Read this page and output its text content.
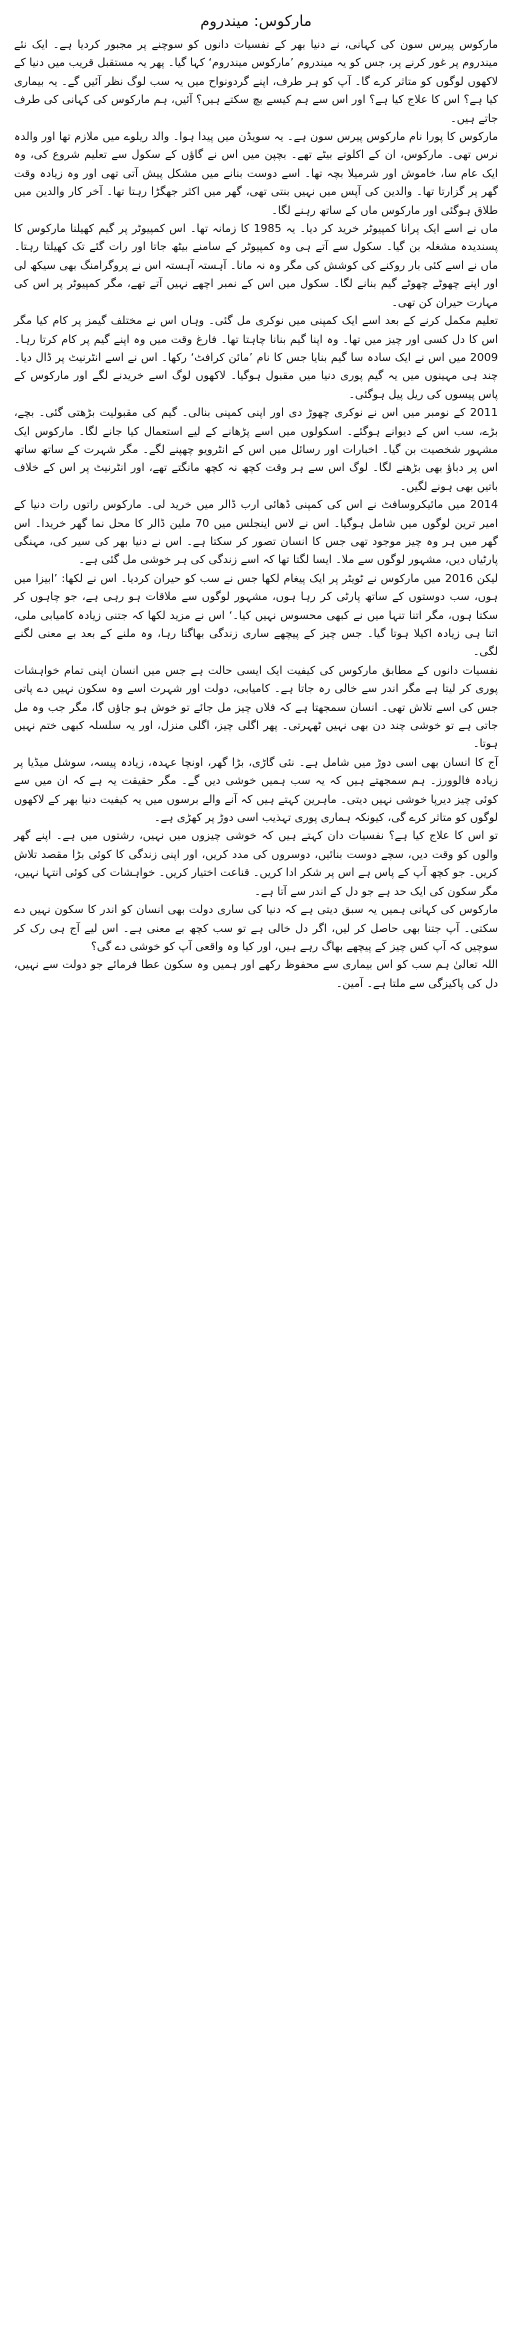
مارکوس: میندروم

مارکوس پیرس سون کی کہانی، نے دنیا بھر کے نفسیات دانوں کو سوچنے پر مجبور کردیا ہے۔ ایک نئے میندروم پر غور کرنے پر، جس کو یہ میندروم ’مارکوس میندروم‘ کہا گیا۔ پھر یہ مستقبل قریب میں دنیا کے لاکھوں لوگوں کو متاثر کرے گا۔ آپ کو ہر طرف، اپنے گردونواح میں یہ سب لوگ نظر آئیں گے۔ یہ بیماری کیا ہے؟ اس کا علاج کیا ہے؟ اور اس سے ہم کیسے بچ سکتے ہیں؟ آئیں، ہم مارکوس کی کہانی کی طرف جاتے ہیں۔

مارکوس کا پورا نام مارکوس پیرس سون ہے۔ یہ سویڈن میں پیدا ہوا۔ والد ریلوے میں ملازم تھا اور والدہ نرس تھی۔ مارکوس، ان کے اکلوتے بیٹے تھے۔ بچپن میں اس نے گاؤں کے سکول سے تعلیم شروع کی، وہ ایک عام سا، خاموش اور شرمیلا بچہ تھا۔ اسے دوست بنانے میں مشکل پیش آتی تھی اور وہ زیادہ وقت گھر پر گزارتا تھا۔ والدین کی آپس میں نہیں بنتی تھی، گھر میں اکثر جھگڑا رہتا تھا۔ آخر کار والدین میں طلاق ہوگئی اور مارکوس ماں کے ساتھ رہنے لگا۔

ماں نے اسے ایک پرانا کمپیوٹر خرید کر دیا۔ یہ 1985 کا زمانہ تھا۔ اس کمپیوٹر پر گیم کھیلنا مارکوس کا پسندیدہ مشغلہ بن گیا۔ سکول سے آتے ہی وہ کمپیوٹر کے سامنے بیٹھ جاتا اور رات گئے تک کھیلتا رہتا۔ ماں نے اسے کئی بار روکنے کی کوشش کی مگر وہ نہ مانا۔ آہستہ آہستہ اس نے پروگرامنگ بھی سیکھ لی اور اپنے چھوٹے چھوٹے گیم بنانے لگا۔ سکول میں اس کے نمبر اچھے نہیں آتے تھے، مگر کمپیوٹر پر اس کی مہارت حیران کن تھی۔

تعلیم مکمل کرنے کے بعد اسے ایک کمپنی میں نوکری مل گئی۔ وہاں اس نے مختلف گیمز پر کام کیا مگر اس کا دل کسی اور چیز میں تھا۔ وہ اپنا گیم بنانا چاہتا تھا۔ فارغ وقت میں وہ اپنے گیم پر کام کرتا رہا۔ 2009 میں اس نے ایک سادہ سا گیم بنایا جس کا نام ’مائن کرافٹ‘ رکھا۔ اس نے اسے انٹرنیٹ پر ڈال دیا۔ چند ہی مہینوں میں یہ گیم پوری دنیا میں مقبول ہوگیا۔ لاکھوں لوگ اسے خریدنے لگے اور مارکوس کے پاس پیسوں کی ریل پیل ہوگئی۔

2011 کے نومبر میں اس نے نوکری چھوڑ دی اور اپنی کمپنی بنالی۔ گیم کی مقبولیت بڑھتی گئی۔ بچے، بڑے، سب اس کے دیوانے ہوگئے۔ اسکولوں میں اسے پڑھانے کے لیے استعمال کیا جانے لگا۔ مارکوس ایک مشہور شخصیت بن گیا۔ اخبارات اور رسائل میں اس کے انٹرویو چھپنے لگے۔ مگر شہرت کے ساتھ ساتھ اس پر دباؤ بھی بڑھنے لگا۔ لوگ اس سے ہر وقت کچھ نہ کچھ مانگتے تھے، اور انٹرنیٹ پر اس کے خلاف باتیں بھی ہونے لگیں۔

2014 میں مائیکروسافٹ نے اس کی کمپنی ڈھائی ارب ڈالر میں خرید لی۔ مارکوس راتوں رات دنیا کے امیر ترین لوگوں میں شامل ہوگیا۔ اس نے لاس اینجلس میں 70 ملین ڈالر کا محل نما گھر خریدا۔ اس گھر میں ہر وہ چیز موجود تھی جس کا انسان تصور کر سکتا ہے۔ اس نے دنیا بھر کی سیر کی، مہنگی پارٹیاں دیں، مشہور لوگوں سے ملا۔ ایسا لگتا تھا کہ اسے زندگی کی ہر خوشی مل گئی ہے۔

لیکن 2016 میں مارکوس نے ٹویٹر پر ایک پیغام لکھا جس نے سب کو حیران کردیا۔ اس نے لکھا: ’ابیزا میں ہوں، سب دوستوں کے ساتھ پارٹی کر رہا ہوں، مشہور لوگوں سے ملاقات ہو رہی ہے، جو چاہوں کر سکتا ہوں، مگر اتنا تنہا میں نے کبھی محسوس نہیں کیا۔‘ اس نے مزید لکھا کہ جتنی زیادہ کامیابی ملی، اتنا ہی زیادہ اکیلا ہوتا گیا۔ جس چیز کے پیچھے ساری زندگی بھاگتا رہا، وہ ملنے کے بعد بے معنی لگنے لگی۔

نفسیات دانوں کے مطابق مارکوس کی کیفیت ایک ایسی حالت ہے جس میں انسان اپنی تمام خواہشات پوری کر لیتا ہے مگر اندر سے خالی رہ جاتا ہے۔ کامیابی، دولت اور شہرت اسے وہ سکون نہیں دے پاتی جس کی اسے تلاش تھی۔ انسان سمجھتا ہے کہ فلاں چیز مل جائے تو خوش ہو جاؤں گا، مگر جب وہ مل جاتی ہے تو خوشی چند دن بھی نہیں ٹھہرتی۔ پھر اگلی چیز، اگلی منزل، اور یہ سلسلہ کبھی ختم نہیں ہوتا۔

آج کا انسان بھی اسی دوڑ میں شامل ہے۔ نئی گاڑی، بڑا گھر، اونچا عہدہ، زیادہ پیسہ، سوشل میڈیا پر زیادہ فالوورز۔ ہم سمجھتے ہیں کہ یہ سب ہمیں خوشی دیں گے۔ مگر حقیقت یہ ہے کہ ان میں سے کوئی چیز دیرپا خوشی نہیں دیتی۔ ماہرین کہتے ہیں کہ آنے والے برسوں میں یہ کیفیت دنیا بھر کے لاکھوں لوگوں کو متاثر کرے گی، کیونکہ ہماری پوری تہذیب اسی دوڑ پر کھڑی ہے۔

تو اس کا علاج کیا ہے؟ نفسیات دان کہتے ہیں کہ خوشی چیزوں میں نہیں، رشتوں میں ہے۔ اپنے گھر والوں کو وقت دیں، سچے دوست بنائیں، دوسروں کی مدد کریں، اور اپنی زندگی کا کوئی بڑا مقصد تلاش کریں۔ جو کچھ آپ کے پاس ہے اس پر شکر ادا کریں۔ قناعت اختیار کریں۔ خواہشات کی کوئی انتہا نہیں، مگر سکون کی ایک حد ہے جو دل کے اندر سے آتا ہے۔

مارکوس کی کہانی ہمیں یہ سبق دیتی ہے کہ دنیا کی ساری دولت بھی انسان کو اندر کا سکون نہیں دے سکتی۔ آپ جتنا بھی حاصل کر لیں، اگر دل خالی ہے تو سب کچھ بے معنی ہے۔ اس لیے آج ہی رک کر سوچیں کہ آپ کس چیز کے پیچھے بھاگ رہے ہیں، اور کیا وہ واقعی آپ کو خوشی دے گی؟

اللہ تعالیٰ ہم سب کو اس بیماری سے محفوظ رکھے اور ہمیں وہ سکون عطا فرمائے جو دولت سے نہیں، دل کی پاکیزگی سے ملتا ہے۔ آمین۔
